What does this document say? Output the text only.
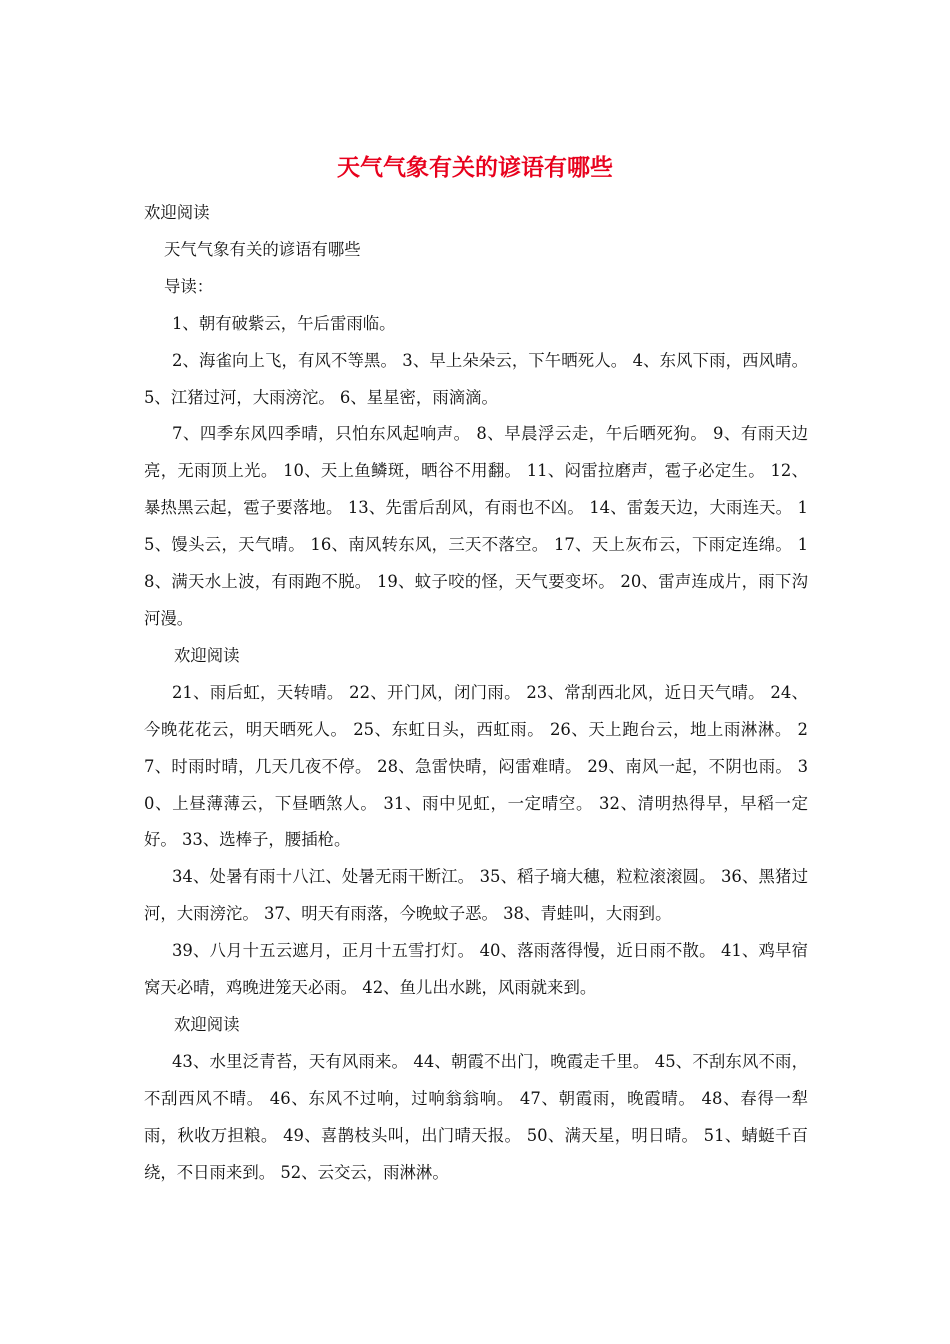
天气气象有关的谚语有哪些

欢迎阅读

天气气象有关的谚语有哪些

导读：

1、朝有破紫云，午后雷雨临。

2、海雀向上飞，有风不等黑。 3、早上朵朵云，下午晒死人。 4、东风下雨，西风晴。 5、江猪过河，大雨滂沱。 6、星星密，雨滴滴。

7、四季东风四季晴，只怕东风起响声。 8、早晨浮云走，午后晒死狗。 9、有雨天边亮，无雨顶上光。 10、天上鱼鳞斑，晒谷不用翻。 11、闷雷拉磨声，雹子必定生。 12、暴热黑云起，雹子要落地。 13、先雷后刮风，有雨也不凶。 14、雷轰天边，大雨连天。 15、馒头云，天气晴。 16、南风转东风，三天不落空。 17、天上灰布云，下雨定连绵。 18、满天水上波，有雨跑不脱。 19、蚊子咬的怪，天气要变坏。 20、雷声连成片，雨下沟河漫。

欢迎阅读

21、雨后虹，天转晴。 22、开门风，闭门雨。 23、常刮西北风，近日天气晴。 24、今晚花花云，明天晒死人。 25、东虹日头，西虹雨。 26、天上跑台云，地上雨淋淋。 27、时雨时晴，几天几夜不停。 28、急雷快晴，闷雷难晴。 29、南风一起，不阴也雨。 30、上昼薄薄云，下昼晒煞人。 31、雨中见虹，一定晴空。 32、清明热得早，早稻一定好。 33、选棒子，腰插枪。

34、处暑有雨十八江、处暑无雨干断江。 35、稻子墒大穗，粒粒滚滚圆。 36、黑猪过河，大雨滂沱。 37、明天有雨落，今晚蚊子恶。 38、青蛙叫，大雨到。

39、八月十五云遮月，正月十五雪打灯。 40、落雨落得慢，近日雨不散。 41、鸡早宿窝天必晴，鸡晚进笼天必雨。 42、鱼儿出水跳，风雨就来到。

欢迎阅读

43、水里泛青苔，天有风雨来。 44、朝霞不出门，晚霞走千里。 45、不刮东风不雨，不刮西风不晴。 46、东风不过响，过响翁翁响。 47、朝霞雨，晚霞晴。 48、春得一犁雨，秋收万担粮。 49、喜鹊枝头叫，出门晴天报。 50、满天星，明日晴。 51、蜻蜓千百绕，不日雨来到。 52、云交云，雨淋淋。
